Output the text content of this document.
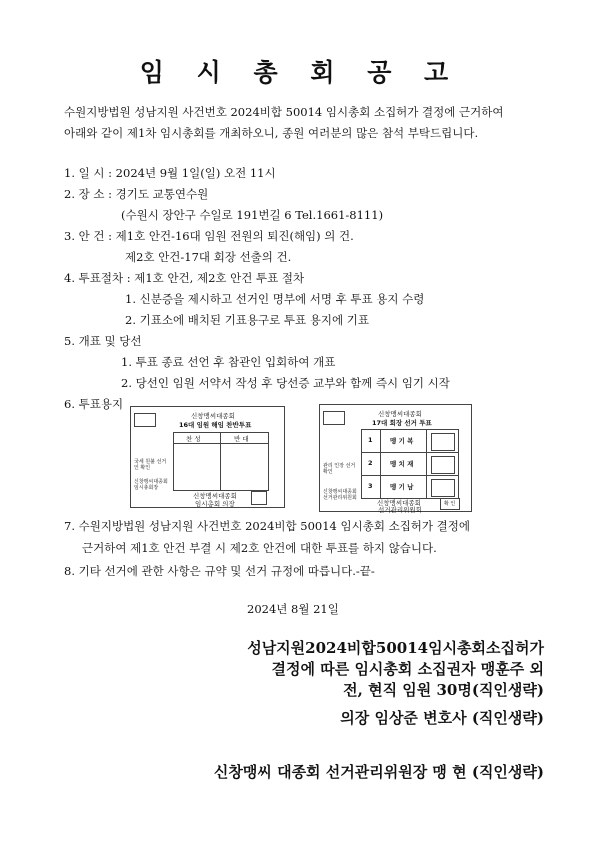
임 시 총 회 공 고
수원지방법원 성남지원 사건번호 2024비합 50014 임시총회 소집허가 결정에 근거하여
아래와 같이 제1차 임시총회를 개최하오니, 종원 여러분의 많은 참석 부탁드립니다.
1. 일 시 : 2024년 9월 1일(일) 오전 11시
2. 장 소 : 경기도 교통연수원
(수원시 장안구 수일로 191번길 6 Tel.1661-8111)
3. 안 건 : 제1호 안건-16대 임원 전원의 퇴진(해임) 의 건.
제2호 안건-17대 회장 선출의 건.
4. 투표절차 : 제1호 안건, 제2호 안건 투표 절차
1. 신분증을 제시하고 선거인 명부에 서명 후 투표 용지 수령
2. 기표소에 배치된 기표용구로 투표 용지에 기표
5. 개표 및 당선
1. 투표 종료 선언 후 참관인 입회하여 개표
2. 당선인 임원 서약서 작성 후 당선증 교부와 함께 즉시 임기 시작
6. 투표용지
신창맹씨대종회
16대 임원 해임 찬반투표
찬 성	반 대
국세 원불 선거인 확인
신창맹씨대종회 임시총회장
신창맹씨대종회
임시총회 의장
신창맹씨대종회
17대 회장 선거 투표
1	맹 기 복
2	맹 치 재
3	맹 기 남
관리 인장 선거 확인
신창맹씨대종회 선거관리위원회
신창맹씨대종회
선거관리위원회
확 인
7. 수원지방법원 성남지원 사건번호 2024비합 50014 임시총회 소집허가 결정에
근거하여 제1호 안건 부결 시 제2호 안건에 대한 투표를 하지 않습니다.
8. 기타 선거에 관한 사항은 규약 및 선거 규정에 따릅니다.-끝-
2024년 8월 21일
성남지원2024비합50014임시총회소집허가
결정에 따른 임시총회 소집권자 맹훈주 외
전, 현직 임원 30명(직인생략)
의장 임상준 변호사 (직인생략)
신창맹씨 대종회 선거관리위원장 맹 현 (직인생략)
